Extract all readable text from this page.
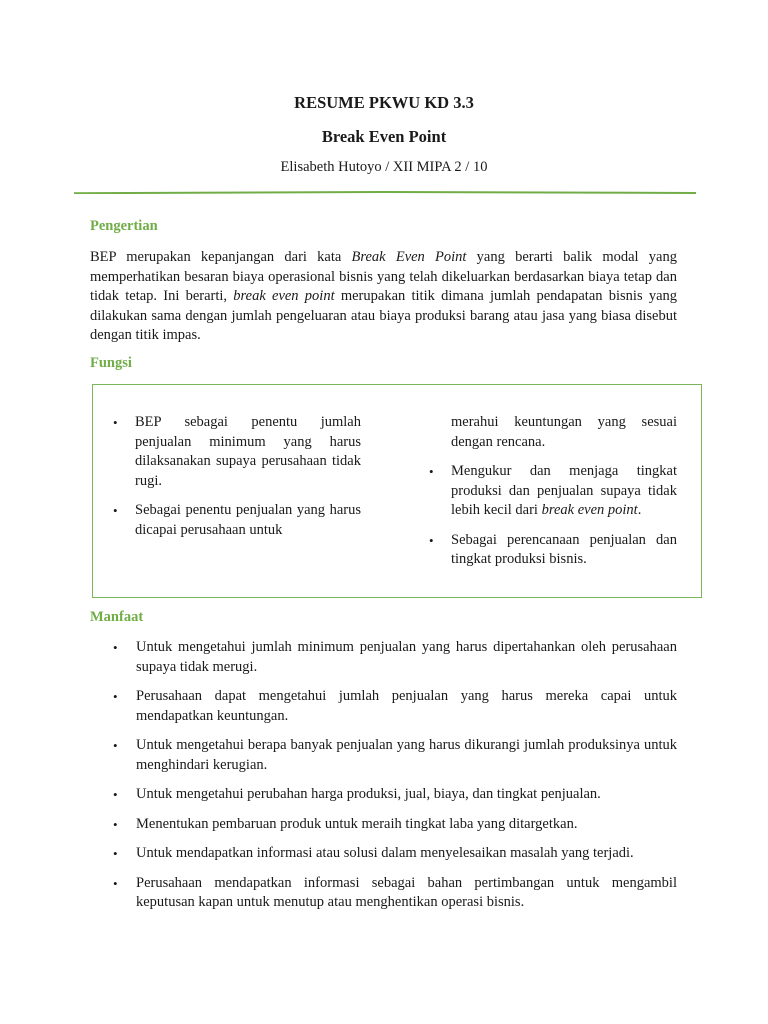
RESUME PKWU KD 3.3
Break Even Point

Elisabeth Hutoyo / XII MIPA 2 / 10

Pengertian

BEP merupakan kepanjangan dari kata Break Even Point yang berarti balik modal yang memperhatikan besaran biaya operasional bisnis yang telah dikeluarkan berdasarkan biaya tetap dan tidak tetap. Ini berarti, break even point merupakan titik dimana jumlah pendapatan bisnis yang dilakukan sama dengan jumlah pengeluaran atau biaya produksi barang atau jasa yang biasa disebut dengan titik impas.

Fungsi
• BEP sebagai penentu jumlah penjualan minimum yang harus dilaksanakan supaya perusahaan tidak rugi.
• Sebagai penentu penjualan yang harus dicapai perusahaan untuk

merahui keuntungan yang sesuai dengan rencana.

• Mengukur dan menjaga tingkat produksi dan penjualan supaya tidak lebih kecil dari break even point.
• Sebagai perencanaan penjualan dan tingkat produksi bisnis.
Manfaat
• Untuk mengetahui jumlah minimum penjualan yang harus dipertahankan oleh perusahaan supaya tidak merugi.
• Perusahaan dapat mengetahui jumlah penjualan yang harus mereka capai untuk mendapatkan keuntungan.
• Untuk mengetahui berapa banyak penjualan yang harus dikurangi jumlah produksinya untuk menghindari kerugian.
• Untuk mengetahui perubahan harga produksi, jual, biaya, dan tingkat penjualan.
• Menentukan pembaruan produk untuk meraih tingkat laba yang ditargetkan.
• Untuk mendapatkan informasi atau solusi dalam menyelesaikan masalah yang terjadi.
• Perusahaan mendapatkan informasi sebagai bahan pertimbangan untuk mengambil keputusan kapan untuk menutup atau menghentikan operasi bisnis.
